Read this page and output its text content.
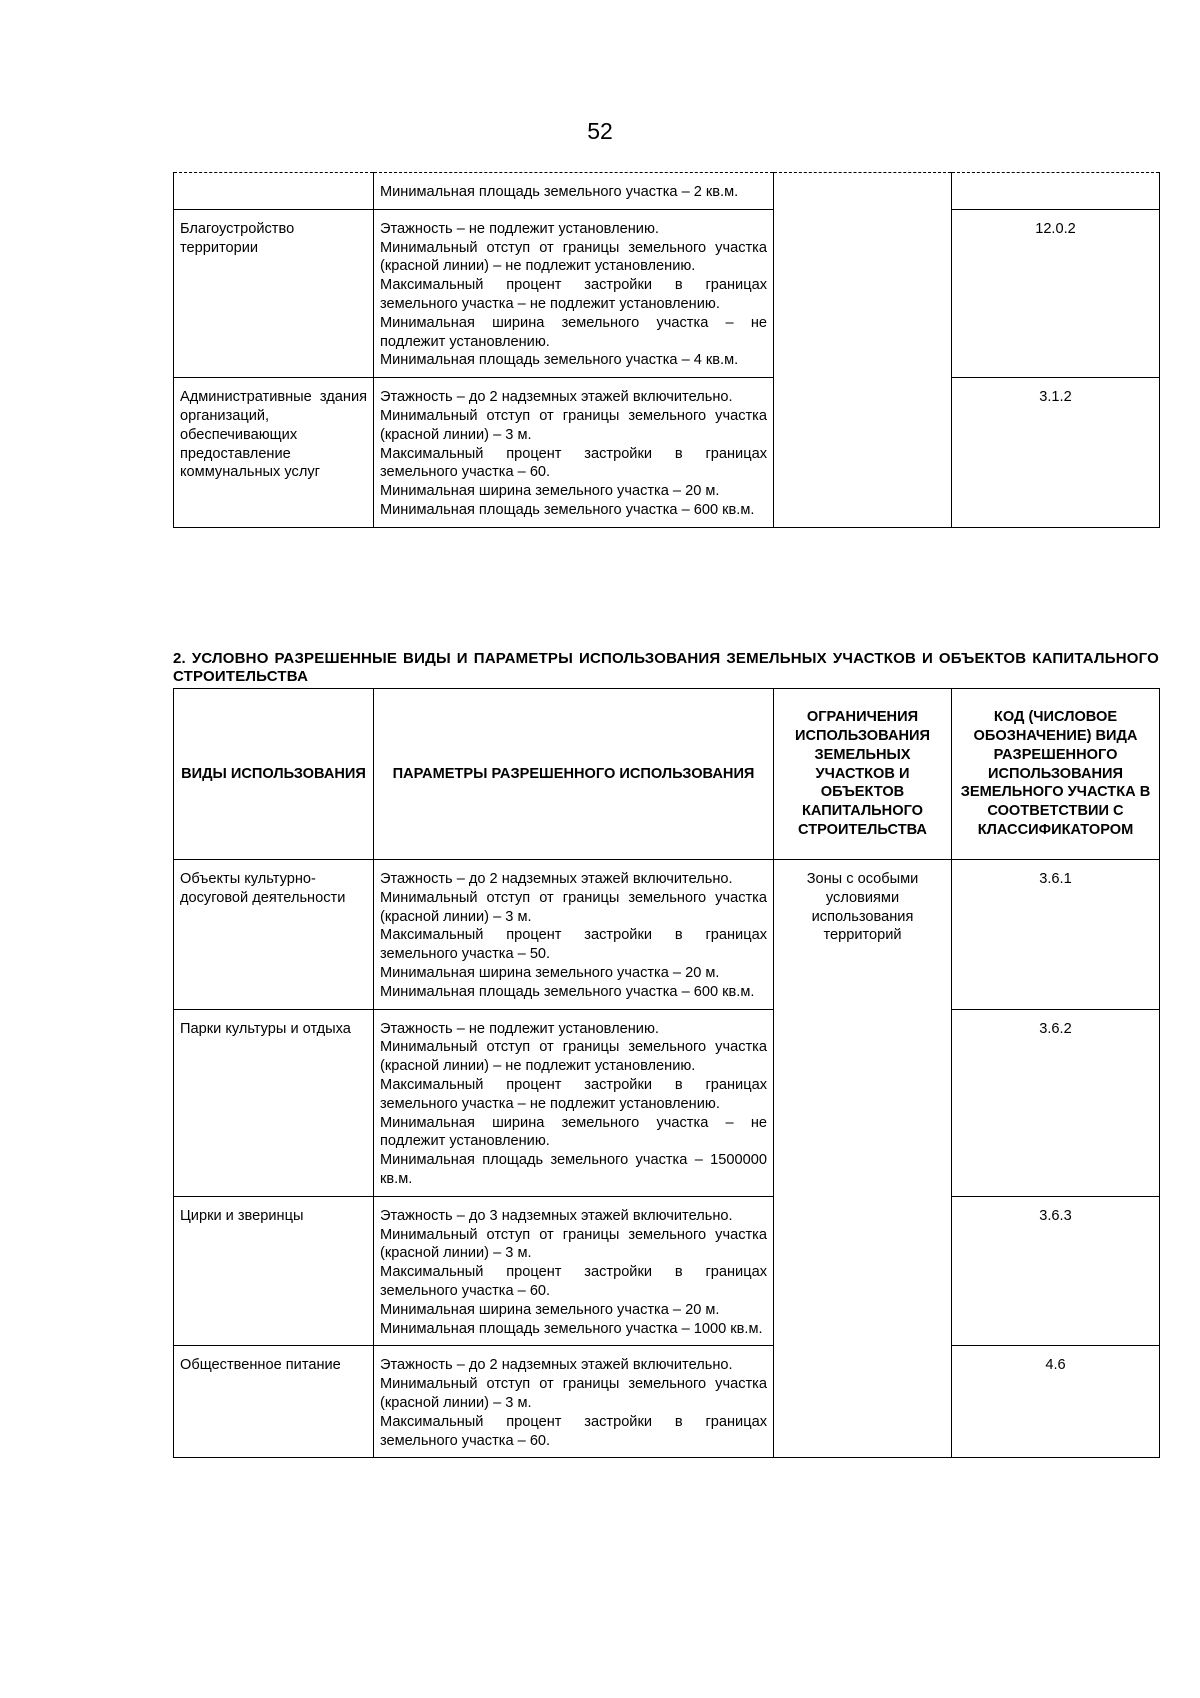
52

	Минимальная площадь земельного участка – 2 кв.м.		

Благоустройство территории	Этажность – не подлежит установлению.
Минимальный отступ от границы земельного участка (красной линии) – не подлежит установлению.
Максимальный процент застройки в границах земельного участка – не подлежит установлению.
Минимальная ширина земельного участка – не подлежит установлению.
Минимальная площадь земельного участка – 4 кв.м.		12.0.2
Административные здания организаций, обеспечивающих предоставление коммунальных услуг	Этажность – до 2 надземных этажей включительно.
Минимальный отступ от границы земельного участка (красной линии) – 3 м.
Максимальный процент застройки в границах земельного участка – 60.
Минимальная ширина земельного участка – 20 м.
Минимальная площадь земельного участка – 600 кв.м.		3.1.2
2. УСЛОВНО РАЗРЕШЕННЫЕ ВИДЫ И ПАРАМЕТРЫ ИСПОЛЬЗОВАНИЯ ЗЕМЕЛЬНЫХ УЧАСТКОВ И ОБЪЕКТОВ КАПИТАЛЬНОГО СТРОИТЕЛЬСТВА
ВИДЫ ИСПОЛЬЗОВАНИЯ	ПАРАМЕТРЫ РАЗРЕШЕННОГО ИСПОЛЬЗОВАНИЯ	ОГРАНИЧЕНИЯ ИСПОЛЬЗОВАНИЯ ЗЕМЕЛЬНЫХ УЧАСТКОВ И ОБЪЕКТОВ КАПИТАЛЬНОГО СТРОИТЕЛЬСТВА	КОД (ЧИСЛОВОЕ ОБОЗНАЧЕНИЕ) ВИДА РАЗРЕШЕННОГО ИСПОЛЬЗОВАНИЯ ЗЕМЕЛЬНОГО УЧАСТКА В СООТВЕТСТВИИ С КЛАССИФИКАТОРОМ
Объекты культурно-досуговой деятельности	Этажность – до 2 надземных этажей включительно.
Минимальный отступ от границы земельного участка (красной линии) – 3 м.
Максимальный процент застройки в границах земельного участка – 50.
Минимальная ширина земельного участка – 20 м.
Минимальная площадь земельного участка – 600 кв.м.	Зоны с особыми условиями использования территорий	3.6.1
Парки культуры и отдыха	Этажность – не подлежит установлению.
Минимальный отступ от границы земельного участка (красной линии) – не подлежит установлению.
Максимальный процент застройки в границах земельного участка – не подлежит установлению.
Минимальная ширина земельного участка – не подлежит установлению.
Минимальная площадь земельного участка – 1500000 кв.м.		3.6.2
Цирки и зверинцы	Этажность – до 3 надземных этажей включительно.
Минимальный отступ от границы земельного участка (красной линии) – 3 м.
Максимальный процент застройки в границах земельного участка – 60.
Минимальная ширина земельного участка – 20 м.
Минимальная площадь земельного участка – 1000 кв.м.		3.6.3
Общественное питание	Этажность – до 2 надземных этажей включительно.
Минимальный отступ от границы земельного участка (красной линии) – 3 м.
Максимальный процент застройки в границах земельного участка – 60.		4.6
